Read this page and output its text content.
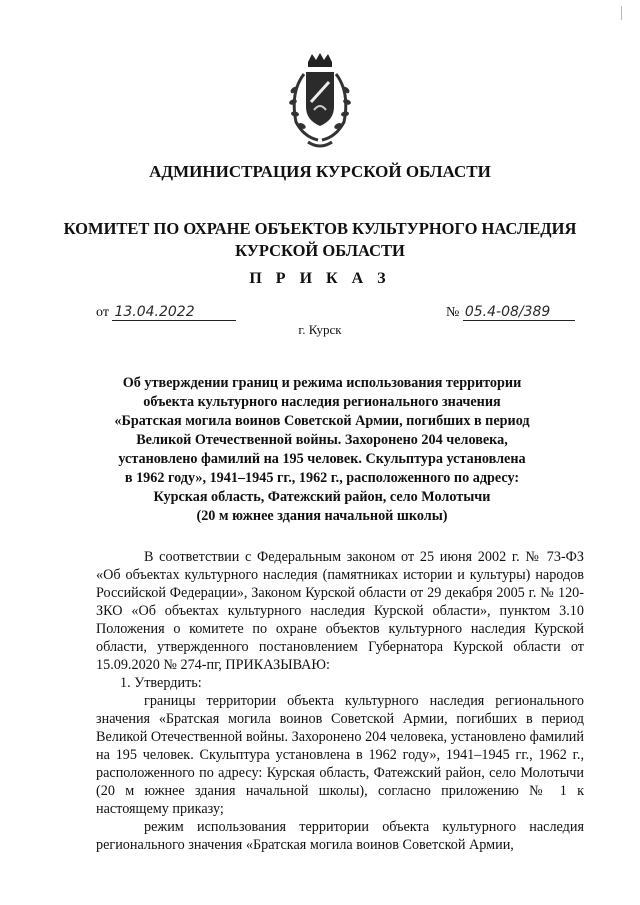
АДМИНИСТРАЦИЯ КУРСКОЙ ОБЛАСТИ
КОМИТЕТ ПО ОХРАНЕ ОБЪЕКТОВ КУЛЬТУРНОГО НАСЛЕДИЯ
КУРСКОЙ ОБЛАСТИ
П Р И К А З
от 13.04.2022	№ 05.4-08/389
г. Курск
Об утверждении границ и режима использования территории
объекта культурного наследия регионального значения
«Братская могила воинов Советской Армии, погибших в период
Великой Отечественной войны. Захоронено 204 человека,
установлено фамилий на 195 человек. Скульптура установлена
в 1962 году», 1941–1945 гг., 1962 г., расположенного по адресу:
Курская область, Фатежский район, село Молотычи
(20 м южнее здания начальной школы)

В соответствии с Федеральным законом от 25 июня 2002 г. № 73-ФЗ «Об объектах культурного наследия (памятниках истории и культуры) народов Российской Федерации», Законом Курской области от 29 декабря 2005 г. № 120-ЗКО «Об объектах культурного наследия Курской области», пунктом 3.10 Положения о комитете по охране объектов культурного наследия Курской области, утвержденного постановлением Губернатора Курской области от 15.09.2020 № 274-пг, ПРИКАЗЫВАЮ:

1. Утвердить:

границы территории объекта культурного наследия регионального значения «Братская могила воинов Советской Армии, погибших в период Великой Отечественной войны. Захоронено 204 человека, установлено фамилий на 195 человек. Скульптура установлена в 1962 году», 1941–1945 гг., 1962 г., расположенного по адресу: Курская область, Фатежский район, село Молотычи (20 м южнее здания начальной школы), согласно приложению № 1 к настоящему приказу;

режим использования территории объекта культурного наследия регионального значения «Братская могила воинов Советской Армии,
